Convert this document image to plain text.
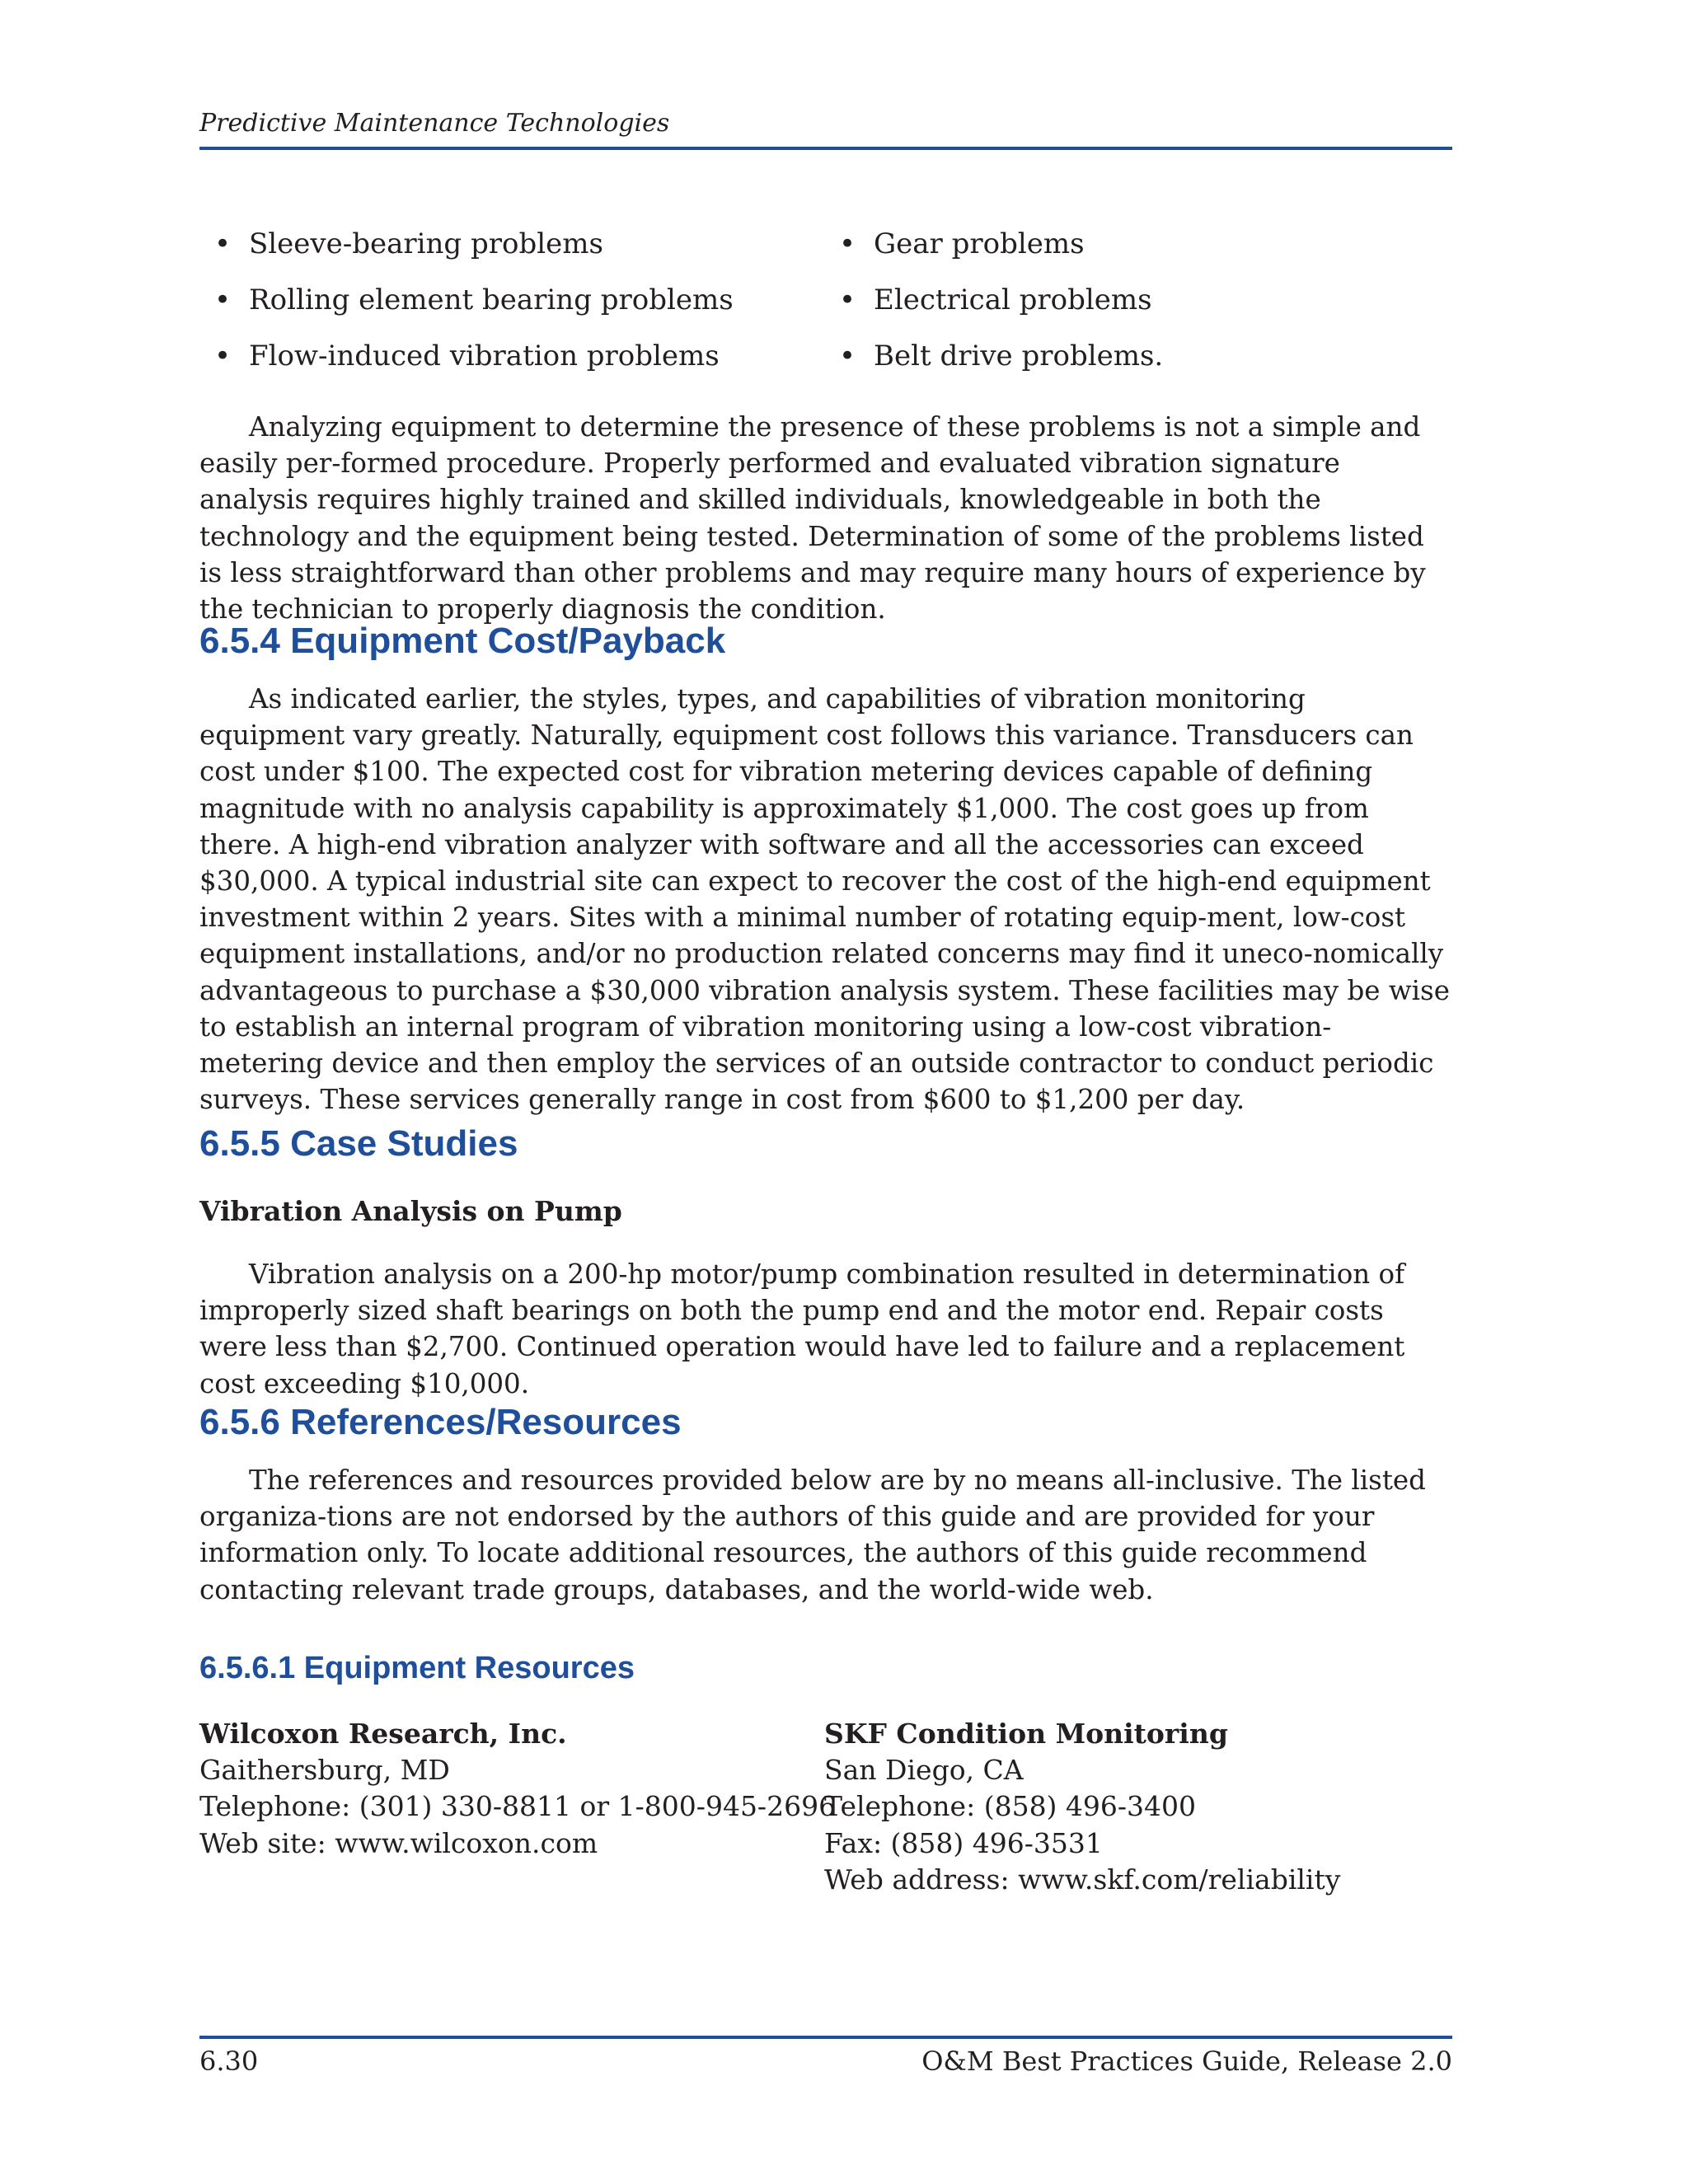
Predictive Maintenance Technologies
• Sleeve-bearing problems
• Rolling element bearing problems
• Flow-induced vibration problems
• Gear problems
• Electrical problems
• Belt drive problems.

Analyzing equipment to determine the presence of these problems is not a simple and easily per-formed procedure. Properly performed and evaluated vibration signature analysis requires highly trained and skilled individuals, knowledgeable in both the technology and the equipment being tested. Determination of some of the problems listed is less straightforward than other problems and may require many hours of experience by the technician to properly diagnosis the condition.

6.5.4 Equipment Cost/Payback

As indicated earlier, the styles, types, and capabilities of vibration monitoring equipment vary greatly. Naturally, equipment cost follows this variance. Transducers can cost under $100. The expected cost for vibration metering devices capable of defining magnitude with no analysis capability is approximately $1,000. The cost goes up from there. A high-end vibration analyzer with software and all the accessories can exceed $30,000. A typical industrial site can expect to recover the cost of the high-end equipment investment within 2 years. Sites with a minimal number of rotating equip-ment, low-cost equipment installations, and/or no production related concerns may find it uneco-nomically advantageous to purchase a $30,000 vibration analysis system. These facilities may be wise to establish an internal program of vibration monitoring using a low-cost vibration-metering device and then employ the services of an outside contractor to conduct periodic surveys. These services generally range in cost from $600 to $1,200 per day.

6.5.5 Case Studies
Vibration Analysis on Pump

Vibration analysis on a 200-hp motor/pump combination resulted in determination of improperly sized shaft bearings on both the pump end and the motor end. Repair costs were less than $2,700. Continued operation would have led to failure and a replacement cost exceeding $10,000.

6.5.6 References/Resources

The references and resources provided below are by no means all-inclusive. The listed organiza-tions are not endorsed by the authors of this guide and are provided for your information only. To locate additional resources, the authors of this guide recommend contacting relevant trade groups, databases, and the world-wide web.

6.5.6.1 Equipment Resources
Wilcoxon Research, Inc.
Gaithersburg, MD
Telephone: (301) 330-8811 or 1-800-945-2696
Web site: www.wilcoxon.com
SKF Condition Monitoring
San Diego, CA
Telephone: (858) 496-3400
Fax: (858) 496-3531
Web address: www.skf.com/reliability
6.30	O&M Best Practices Guide, Release 2.0
